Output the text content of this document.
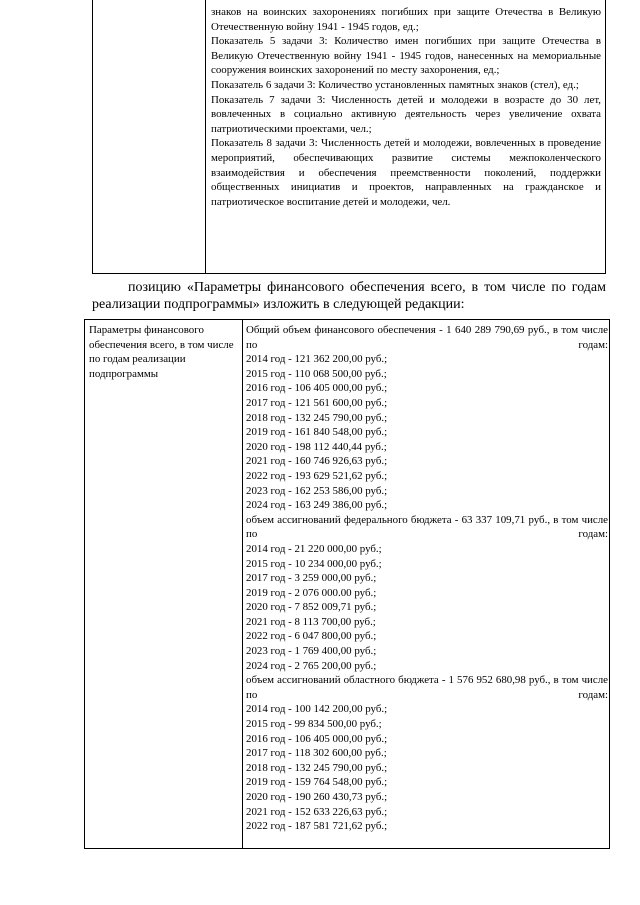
знаков на воинских захоронениях погибших при защите Отечества в Великую Отечественную войну 1941 - 1945 годов, ед.;

Показатель 5 задачи 3: Количество имен погибших при защите Отечества в Великую Отечественную войну 1941 - 1945 годов, нанесенных на мемориальные сооружения воинских захоронений по месту захоронения, ед.;

Показатель 6 задачи 3: Количество установленных памятных знаков (стел), ед.;

Показатель 7 задачи 3: Численность детей и молодежи в возрасте до 30 лет, вовлеченных в социально активную деятельность через увеличение охвата патриотическими проектами, чел.;

Показатель 8 задачи 3: Численность детей и молодежи, вовлеченных в проведение мероприятий, обеспечивающих развитие системы межпоколенческого взаимодействия и обеспечения преемственности поколений, поддержки общественных инициатив и проектов, направленных на гражданское и патриотическое воспитание детей и молодежи, чел.

позицию «Параметры финансового обеспечения всего, в том числе по годам реализации подпрограммы» изложить в следующей редакции:

Параметры финансового обеспечения всего, в том числе по годам реализации подпрограммы
Общий объем финансового обеспечения - 1 640 289 790,69 руб., в том числе по годам:
2014 год - 121 362 200,00 руб.;
2015 год - 110 068 500,00 руб.;
2016 год - 106 405 000,00 руб.;
2017 год - 121 561 600,00 руб.;
2018 год - 132 245 790,00 руб.;
2019 год - 161 840 548,00 руб.;
2020 год - 198 112 440,44 руб.;
2021 год - 160 746 926,63 руб.;
2022 год - 193 629 521,62 руб.;
2023 год - 162 253 586,00 руб.;
2024 год - 163 249 386,00 руб.;
объем ассигнований федерального бюджета - 63 337 109,71 руб., в том числе по годам:
2014 год - 21 220 000,00 руб.;
2015 год - 10 234 000,00 руб.;
2017 год - 3 259 000,00 руб.;
2019 год - 2 076 000.00 руб.;
2020 год - 7 852 009,71 руб.;
2021 год - 8 113 700,00 руб.;
2022 год - 6 047 800,00 руб.;
2023 год - 1 769 400,00 руб.;
2024 год - 2 765 200,00 руб.;
объем ассигнований областного бюджета - 1 576 952 680,98 руб., в том числе по годам:
2014 год - 100 142 200,00 руб.;
2015 год - 99 834 500,00 руб.;
2016 год - 106 405 000,00 руб.;
2017 год - 118 302 600,00 руб.;
2018 год - 132 245 790,00 руб.;
2019 год - 159 764 548,00 руб.;
2020 год - 190 260 430,73 руб.;
2021 год - 152 633 226,63 руб.;
2022 год - 187 581 721,62 руб.;
